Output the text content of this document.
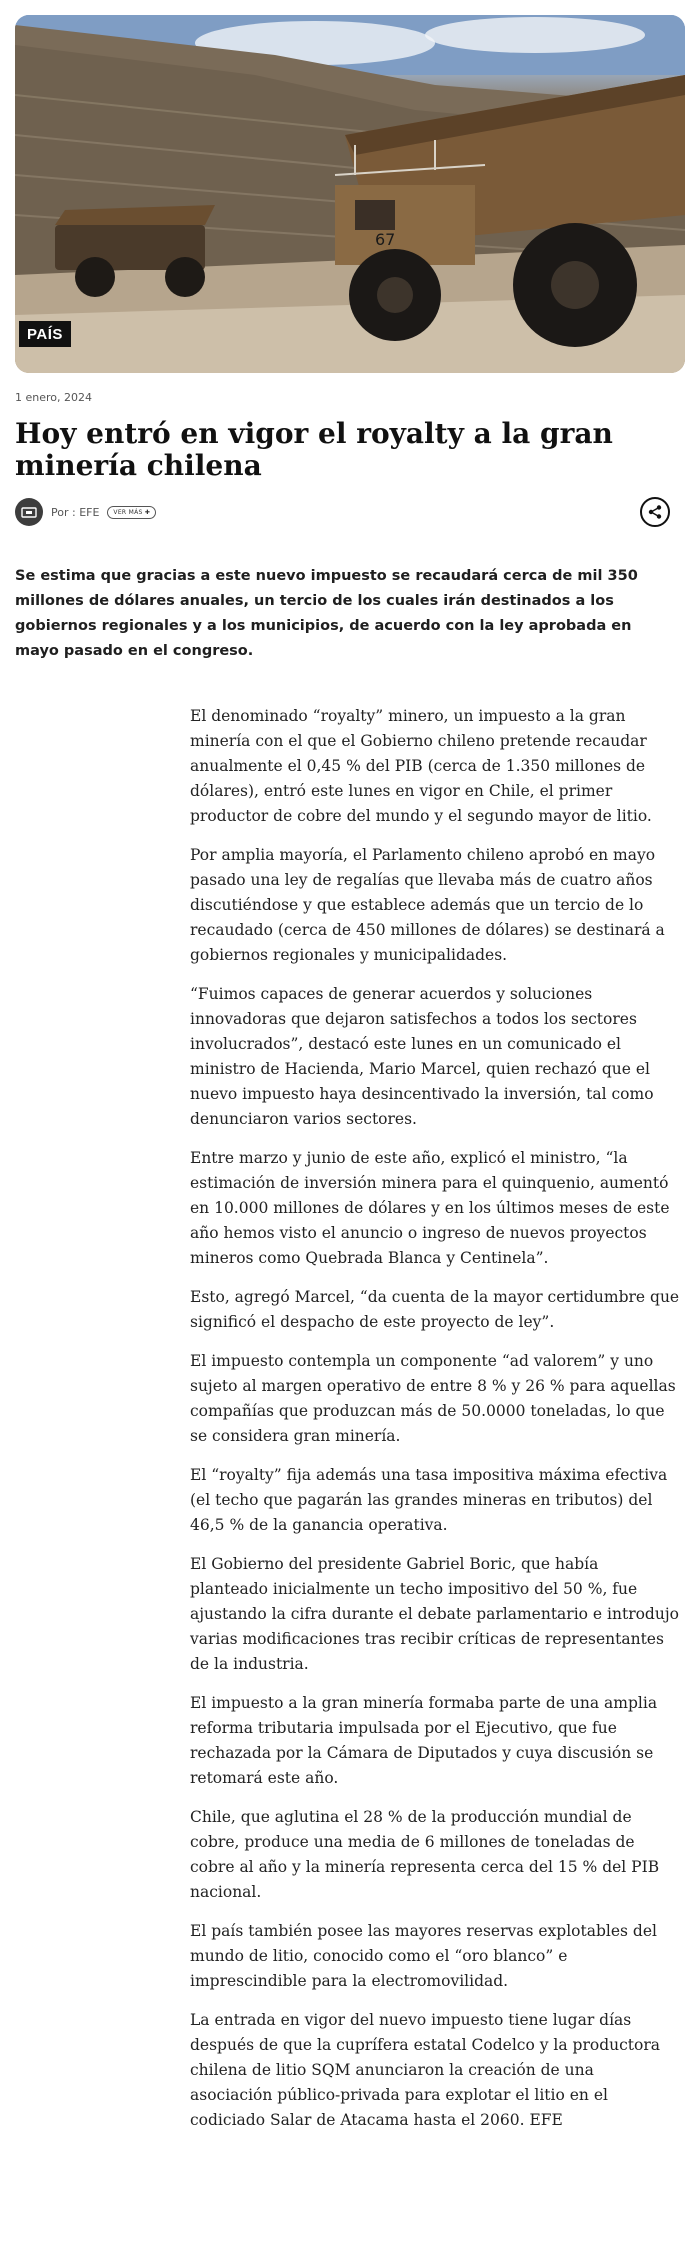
67
PAÍS
1 enero, 2024
Hoy entró en vigor el royalty a la gran minería chilena
Por : EFE	VER MÁS ✚

Se estima que gracias a este nuevo impuesto se recaudará cerca de mil 350 millones de dólares anuales, un tercio de los cuales irán destinados a los gobiernos regionales y a los municipios, de acuerdo con la ley aprobada en mayo pasado en el congreso.

El denominado “royalty” minero, un impuesto a la gran minería con el que el Gobierno chileno pretende recaudar anualmente el 0,45 % del PIB (cerca de 1.350 millones de dólares), entró este lunes en vigor en Chile, el primer productor de cobre del mundo y el segundo mayor de litio.

Por amplia mayoría, el Parlamento chileno aprobó en mayo pasado una ley de regalías que llevaba más de cuatro años discutiéndose y que establece además que un tercio de lo recaudado (cerca de 450 millones de dólares) se destinará a gobiernos regionales y municipalidades.

“Fuimos capaces de generar acuerdos y soluciones innovadoras que dejaron satisfechos a todos los sectores involucrados”, destacó este lunes en un comunicado el ministro de Hacienda, Mario Marcel, quien rechazó que el nuevo impuesto haya desincentivado la inversión, tal como denunciaron varios sectores.

Entre marzo y junio de este año, explicó el ministro, “la estimación de inversión minera para el quinquenio, aumentó en 10.000 millones de dólares y en los últimos meses de este año hemos visto el anuncio o ingreso de nuevos proyectos mineros como Quebrada Blanca y Centinela”.

Esto, agregó Marcel, “da cuenta de la mayor certidumbre que significó el despacho de este proyecto de ley”.

El impuesto contempla un componente “ad valorem” y uno sujeto al margen operativo de entre 8 % y 26 % para aquellas compañías que produzcan más de 50.0000 toneladas, lo que se considera gran minería.

El “royalty” fija además una tasa impositiva máxima efectiva (el techo que pagarán las grandes mineras en tributos) del 46,5 % de la ganancia operativa.

El Gobierno del presidente Gabriel Boric, que había planteado inicialmente un techo impositivo del 50 %, fue ajustando la cifra durante el debate parlamentario e introdujo varias modificaciones tras recibir críticas de representantes de la industria.

El impuesto a la gran minería formaba parte de una amplia reforma tributaria impulsada por el Ejecutivo, que fue rechazada por la Cámara de Diputados y cuya discusión se retomará este año.

Chile, que aglutina el 28 % de la producción mundial de cobre, produce una media de 6 millones de toneladas de cobre al año y la minería representa cerca del 15 % del PIB nacional.

El país también posee las mayores reservas explotables del mundo de litio, conocido como el “oro blanco” e imprescindible para la electromovilidad.

La entrada en vigor del nuevo impuesto tiene lugar días después de que la cuprífera estatal Codelco y la productora chilena de litio SQM anunciaron la creación de una asociación público-privada para explotar el litio en el codiciado Salar de Atacama hasta el 2060. EFE
